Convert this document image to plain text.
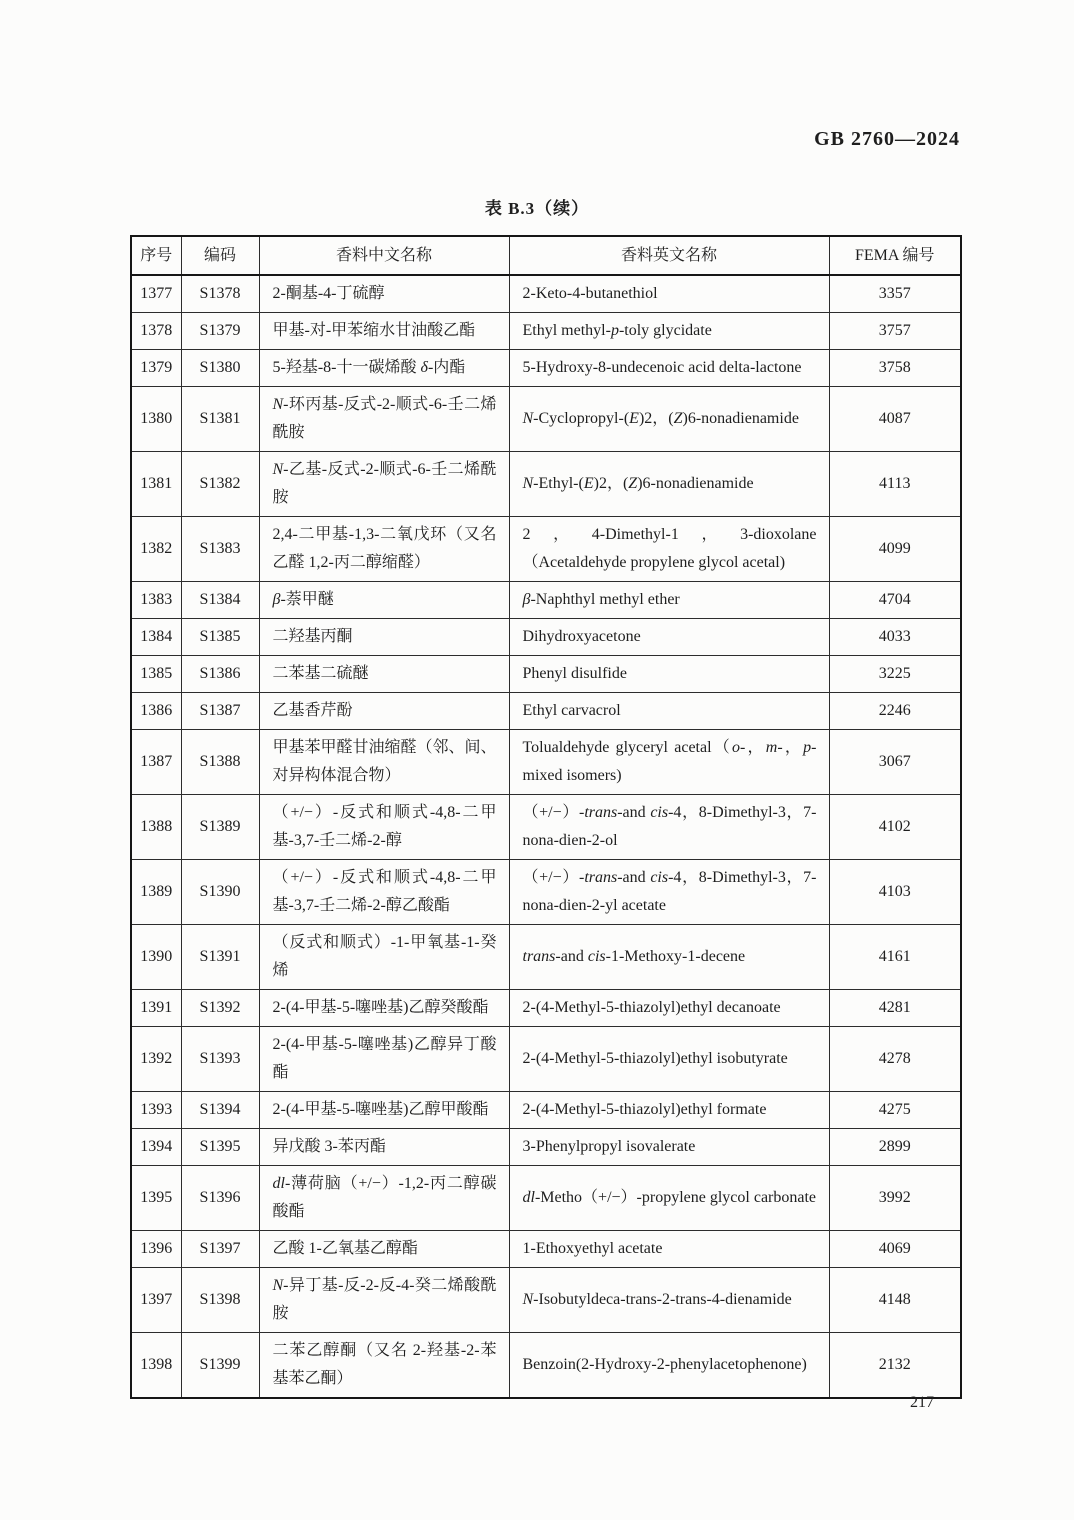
GB 2760—2024
表 B.3（续）
序号	编码	香料中文名称	香料英文名称	FEMA 编号
1377	S1378	2-酮基-4-丁硫醇	2-Keto-4-butanethiol	3357
1378	S1379	甲基-对-甲苯缩水甘油酸乙酯	Ethyl methyl-p-toly glycidate	3757
1379	S1380	5-羟基-8-十一碳烯酸 δ-内酯	5-Hydroxy-8-undecenoic acid delta-lactone	3758
1380	S1381	N-环丙基-反式-2-顺式-6-壬二烯酰胺	N-Cyclopropyl-(E)2，(Z)6-nonadienamide	4087
1381	S1382	N-乙基-反式-2-顺式-6-壬二烯酰胺	N-Ethyl-(E)2，(Z)6-nonadienamide	4113
1382	S1383	2,4-二甲基-1,3-二氧戊环（又名乙醛 1,2-丙二醇缩醛）	2，4-Dimethyl-1，3-dioxolane（Acetaldehyde propylene glycol acetal)	4099
1383	S1384	β-萘甲醚	β-Naphthyl methyl ether	4704
1384	S1385	二羟基丙酮	Dihydroxyacetone	4033
1385	S1386	二苯基二硫醚	Phenyl disulfide	3225
1386	S1387	乙基香芹酚	Ethyl carvacrol	2246
1387	S1388	甲基苯甲醛甘油缩醛（邻、间、对异构体混合物）	Tolualdehyde glyceryl acetal（o-，m-，p- mixed isomers)	3067
1388	S1389	（+/−）-反式和顺式-4,8-二甲基-3,7-壬二烯-2-醇	（+/−）-trans-and cis-4，8-Dimethyl-3，7-nona-dien-2-ol	4102
1389	S1390	（+/−）-反式和顺式-4,8-二甲基-3,7-壬二烯-2-醇乙酸酯	（+/−）-trans-and cis-4，8-Dimethyl-3，7-nona-dien-2-yl acetate	4103
1390	S1391	（反式和顺式）-1-甲氧基-1-癸烯	trans-and cis-1-Methoxy-1-decene	4161
1391	S1392	2-(4-甲基-5-噻唑基)乙醇癸酸酯	2-(4-Methyl-5-thiazolyl)ethyl decanoate	4281
1392	S1393	2-(4-甲基-5-噻唑基)乙醇异丁酸酯	2-(4-Methyl-5-thiazolyl)ethyl isobutyrate	4278
1393	S1394	2-(4-甲基-5-噻唑基)乙醇甲酸酯	2-(4-Methyl-5-thiazolyl)ethyl formate	4275
1394	S1395	异戊酸 3-苯丙酯	3-Phenylpropyl isovalerate	2899
1395	S1396	dl-薄荷脑（+/−）-1,2-丙二醇碳酸酯	dl-Metho（+/−）-propylene glycol carbonate	3992
1396	S1397	乙酸 1-乙氧基乙醇酯	1-Ethoxyethyl acetate	4069
1397	S1398	N-异丁基-反-2-反-4-癸二烯酸酰胺	N-Isobutyldeca-trans-2-trans-4-dienamide	4148
1398	S1399	二苯乙醇酮（又名 2-羟基-2-苯基苯乙酮）	Benzoin(2-Hydroxy-2-phenylacetophenone)	2132
217
